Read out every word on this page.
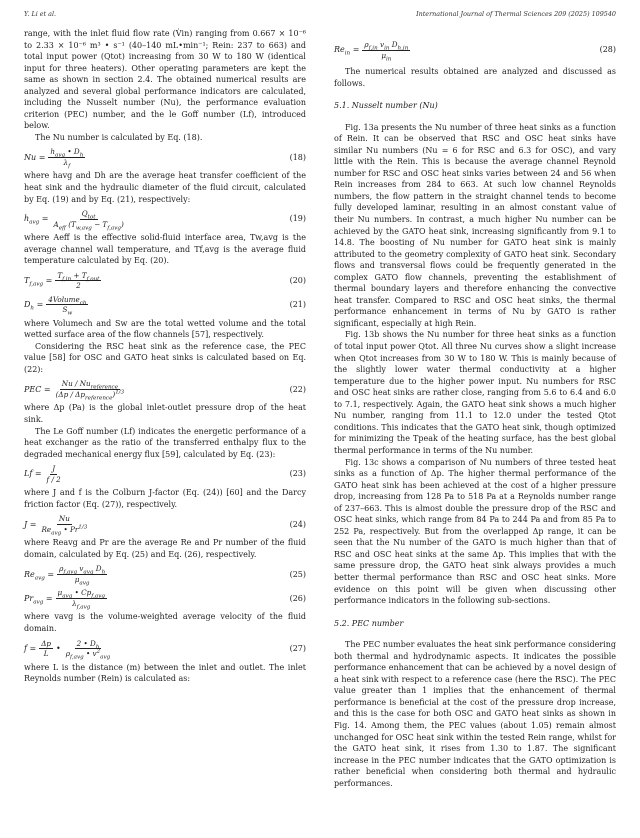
Y. Li et al.	International Journal of Thermal Sciences 209 (2025) 109540

range, with the inlet fluid flow rate (V̇in) ranging from 0.667 × 10⁻⁶ to 2.33 × 10⁻⁶ m³ • s⁻¹ (40–140 mL•min⁻¹; Rein: 237 to 663) and total input power (Qtot) increasing from 30 W to 180 W (identical input for three heaters). Other operating parameters are kept the same as shown in section 2.4. The obtained numerical results are analyzed and several global performance indicators are calculated, including the Nusselt number (Nu), the performance evaluation criterion (PEC) number, and the le Goff number (Lf), introduced below.

The Nu number is calculated by Eq. (18).

Nu =
$h_{avg}$ • $D_h$
$\lambda_f$
(18)

where havg and Dh are the average heat transfer coefficient of the heat sink and the hydraulic diameter of the fluid circuit, calculated by Eq. (19) and by Eq. (21), respectively:

$h_{avg}$ =
$Q_{tot}$
$A_{eff}$ $(T_{w,avg} - T_{f,avg})$
(19)

where Aeff is the effective solid-fluid interface area, Tw,avg is the average channel wall temperature, and Tf,avg is the average fluid temperature calculated by Eq. (20).

$T_{f,avg}$ =
$T_{f,in} + T_{f,out}$
2
(20)
$D_h$ =
4Volume$_{ch}$
$S_w$
(21)

where Volumech and Sw are the total wetted volume and the total wetted surface area of the flow channels [57], respectively.

Considering the RSC heat sink as the reference case, the PEC value [58] for OSC and GATO heat sinks is calculated based on Eq. (22):

PEC =
Nu / $Nu_{reference}$
$(\Delta p / \Delta p_{reference})^{1/3}$	(22)

where Δp (Pa) is the global inlet-outlet pressure drop of the heat sink.

The Le Goff number (Lf) indicates the energetic performance of a heat exchanger as the ratio of the transferred enthalpy flux to the degraded mechanical energy flux [59], calculated by Eq. (23):

$Lf = \frac{J}{f / 2}$	(23)

where J and f is the Colburn J-factor (Eq. (24)) [60] and the Darcy friction factor (Eq. (27)), respectively.

J =
Nu
$Re_{avg}$ • $Pr^{1/3}$	(24)

where Reavg and Pr are the average Re and Pr number of the fluid domain, calculated by Eq. (25) and Eq. (26), respectively.

$Re_{avg}$ =
$\rho_{f,avg}$ $v_{avg}$ $D_h$
$\mu_{avg}$
(25)
$Pr_{avg}$ =
$\mu_{avg}$ • $Cp_{f,avg}$
$\lambda_{f,avg}$
(26)

where vavg is the volume-weighted average velocity of the fluid domain.

$f = \frac{\Delta p}{L}$ •
2 • $D_h$
$\rho_{f,avg}$ • $v^2_{avg}$
(27)

where L is the distance (m) between the inlet and outlet. The inlet Reynolds number (Rein) is calculated as:

$Re_{in}$ =
$\rho_{f,in}$ $v_{in}$ $D_{h,in}$
$\mu_{in}$
(28)

The numerical results obtained are analyzed and discussed as follows.

5.1. Nusselt number (Nu)

Fig. 13a presents the Nu number of three heat sinks as a function of Rein. It can be observed that RSC and OSC heat sinks have similar Nu numbers (Nu = 6 for RSC and 6.3 for OSC), and vary little with the Rein. This is because the average channel Reynold number for RSC and OSC heat sinks varies between 24 and 56 when Rein increases from 284 to 663. At such low channel Reynolds numbers, the flow pattern in the straight channel tends to become fully developed laminar, resulting in an almost constant value of their Nu numbers. In contrast, a much higher Nu number can be achieved by the GATO heat sink, increasing significantly from 9.1 to 14.8. The boosting of Nu number for GATO heat sink is mainly attributed to the geometry complexity of GATO heat sink. Secondary flows and transversal flows could be frequently generated in the complex GATO flow channels, preventing the establishment of thermal boundary layers and therefore enhancing the convective heat transfer. Compared to RSC and OSC heat sinks, the thermal performance enhancement in terms of Nu by GATO is rather significant, especially at high Rein.

Fig. 13b shows the Nu number for three heat sinks as a function of total input power Qtot. All three Nu curves show a slight increase when Qtot increases from 30 W to 180 W. This is mainly because of the slightly lower water thermal conductivity at a higher temperature due to the higher power input. Nu numbers for RSC and OSC heat sinks are rather close, ranging from 5.6 to 6.4 and 6.0 to 7.1, respectively. Again, the GATO heat sink shows a much higher Nu number, ranging from 11.1 to 12.0 under the tested Qtot conditions. This indicates that the GATO heat sink, though optimized for minimizing the Tpeak of the heating surface, has the best global thermal performance in terms of the Nu number.

Fig. 13c shows a comparison of Nu numbers of three tested heat sinks as a function of Δp. The higher thermal performance of the GATO heat sink has been achieved at the cost of a higher pressure drop, increasing from 128 Pa to 518 Pa at a Reynolds number range of 237–663. This is almost double the pressure drop of the RSC and OSC heat sinks, which range from 84 Pa to 244 Pa and from 85 Pa to 252 Pa, respectively. But from the overlapped Δp range, it can be seen that the Nu number of the GATO is much higher than that of RSC and OSC heat sinks at the same Δp. This implies that with the same pressure drop, the GATO heat sink always provides a much better thermal performance than RSC and OSC heat sinks. More evidence on this point will be given when discussing other performance indicators in the following sub-sections.

5.2. PEC number

The PEC number evaluates the heat sink performance considering both thermal and hydrodynamic aspects. It indicates the possible performance enhancement that can be achieved by a novel design of a heat sink with respect to a reference case (here the RSC). The PEC value greater than 1 implies that the enhancement of thermal performance is beneficial at the cost of the pressure drop increase, and this is the case for both OSC and GATO heat sinks as shown in Fig. 14. Among them, the PEC values (about 1.05) remain almost unchanged for OSC heat sink within the tested Rein range, whilst for the GATO heat sink, it rises from 1.30 to 1.87. The significant increase in the PEC number indicates that the GATO optimization is rather beneficial when considering both thermal and hydraulic performances.
